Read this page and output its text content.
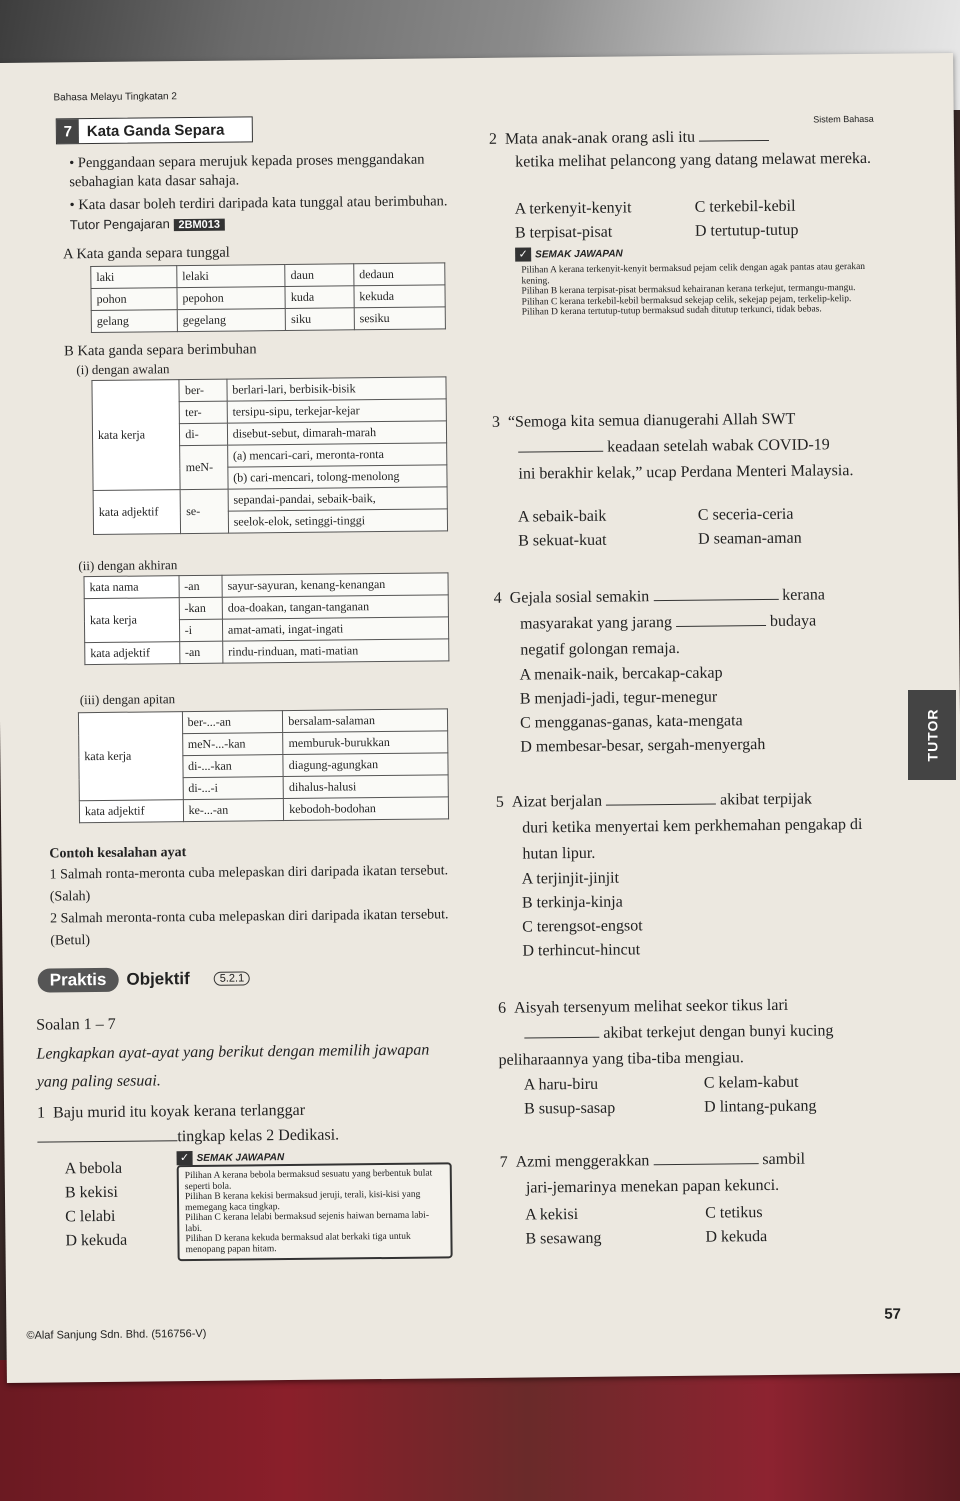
Bahasa Melayu Tingkatan 2
Sistem Bahasa
7 Kata Ganda Separa
• Penggandaan separa merujuk kepada proses menggandakan sebahagian kata dasar sahaja.
• Kata dasar boleh terdiri daripada kata tunggal atau berimbuhan. Tutor Pengajaran 2BM013
A Kata ganda separa tunggal
laki	lelaki	daun	dedaun
pohon	pepohon	kuda	kekuda
gelang	gegelang	siku	sesiku
B Kata ganda separa berimbuhan
(i) dengan awalan
kata kerja	ber-	berlari-lari, berbisik-bisik
	ter-	tersipu-sipu, terkejar-kejar
	di-	disebut-sebut, dimarah-marah
	meN-	(a) mencari-cari, meronta-ronta
		(b) cari-mencari, tolong-menolong
kata adjektif	se-	sepandai-pandai, sebaik-baik,
		seelok-elok, setinggi-tinggi
(ii) dengan akhiran
kata nama	-an	sayur-sayuran, kenang-kenangan
kata kerja	-kan	doa-doakan, tangan-tanganan
	-i	amat-amati, ingat-ingati
kata adjektif	-an	rindu-rinduan, mati-matian
(iii) dengan apitan
kata kerja	ber-...-an	bersalam-salaman
	meN-...-kan	memburuk-burukkan
	di-...-kan	diagung-agungkan
	di-...-i	dihalus-halusi
kata adjektif	ke-...-an	kebodoh-bodohan
Contoh kesalahan ayat
1 Salmah ronta-meronta cuba melepaskan diri daripada ikatan tersebut. (Salah)
2 Salmah meronta-ronta cuba melepaskan diri daripada ikatan tersebut. (Betul)
Praktis	Objektif	5.2.1
Soalan 1 – 7
Lengkapkan ayat-ayat yang berikut dengan memilih jawapan yang paling sesuai.
1 Baju murid itu koyak kerana terlanggar
tingkap kelas 2 Dedikasi.
A bebola
B kekisi
C lelabi
D kekuda
✓ SEMAK JAWAPAN
Pilihan A kerana bebola bermaksud sesuatu yang berbentuk bulat seperti bola.
Pilihan B kerana kekisi bermaksud jeruji, terali, kisi-kisi yang memegang kaca tingkap.
Pilihan C kerana lelabi bermaksud sejenis haiwan bernama labi-labi.
Pilihan D kerana kekuda bermaksud alat berkaki tiga untuk menopang papan hitam.
©Alaf Sanjung Sdn. Bhd. (516756-V)
2 Mata anak-anak orang asli itu
ketika melihat pelancong yang datang melawat mereka.
A terkenyit-kenyit	C terkebil-kebil
B terpisat-pisat	D tertutup-tutup
✓ SEMAK JAWAPAN
Pilihan A kerana terkenyit-kenyit bermaksud pejam celik dengan agak pantas atau gerakan kening.
Pilihan B kerana terpisat-pisat bermaksud kehairanan kerana terkejut, termangu-mangu.
Pilihan C kerana terkebil-kebil bermaksud sekejap celik, sekejap pejam, terkelip-kelip.
Pilihan D kerana tertutup-tutup bermaksud sudah ditutup terkunci, tidak bebas.
3 “Semoga kita semua dianugerahi Allah SWT
keadaan setelah wabak COVID-19
ini berakhir kelak,” ucap Perdana Menteri Malaysia.
A sebaik-baik	C seceria-ceria
B sekuat-kuat	D seaman-aman
4 Gejala sosial semakin	kerana
masyarakat yang jarang	budaya
negatif golongan remaja.
A menaik-naik, bercakap-cakap
B menjadi-jadi, tegur-menegur
C mengganas-ganas, kata-mengata
D membesar-besar, sergah-menyergah
5 Aizat berjalan	akibat terpijak
duri ketika menyertai kem perkhemahan pengakap di hutan lipur.
A terjinjit-jinjit
B terkinja-kinja
C terengsot-engsot
D terhincut-hincut
6 Aisyah tersenyum melihat seekor tikus lari
akibat terkejut dengan bunyi kucing peliharaannya yang tiba-tiba mengiau.
A haru-biru	C kelam-kabut
B susup-sasap	D lintang-pukang
7 Azmi menggerakkan	sambil
jari-jemarinya menekan papan kekunci.
A kekisi	C tetikus
B sesawang	D kekuda
57
TUTOR
